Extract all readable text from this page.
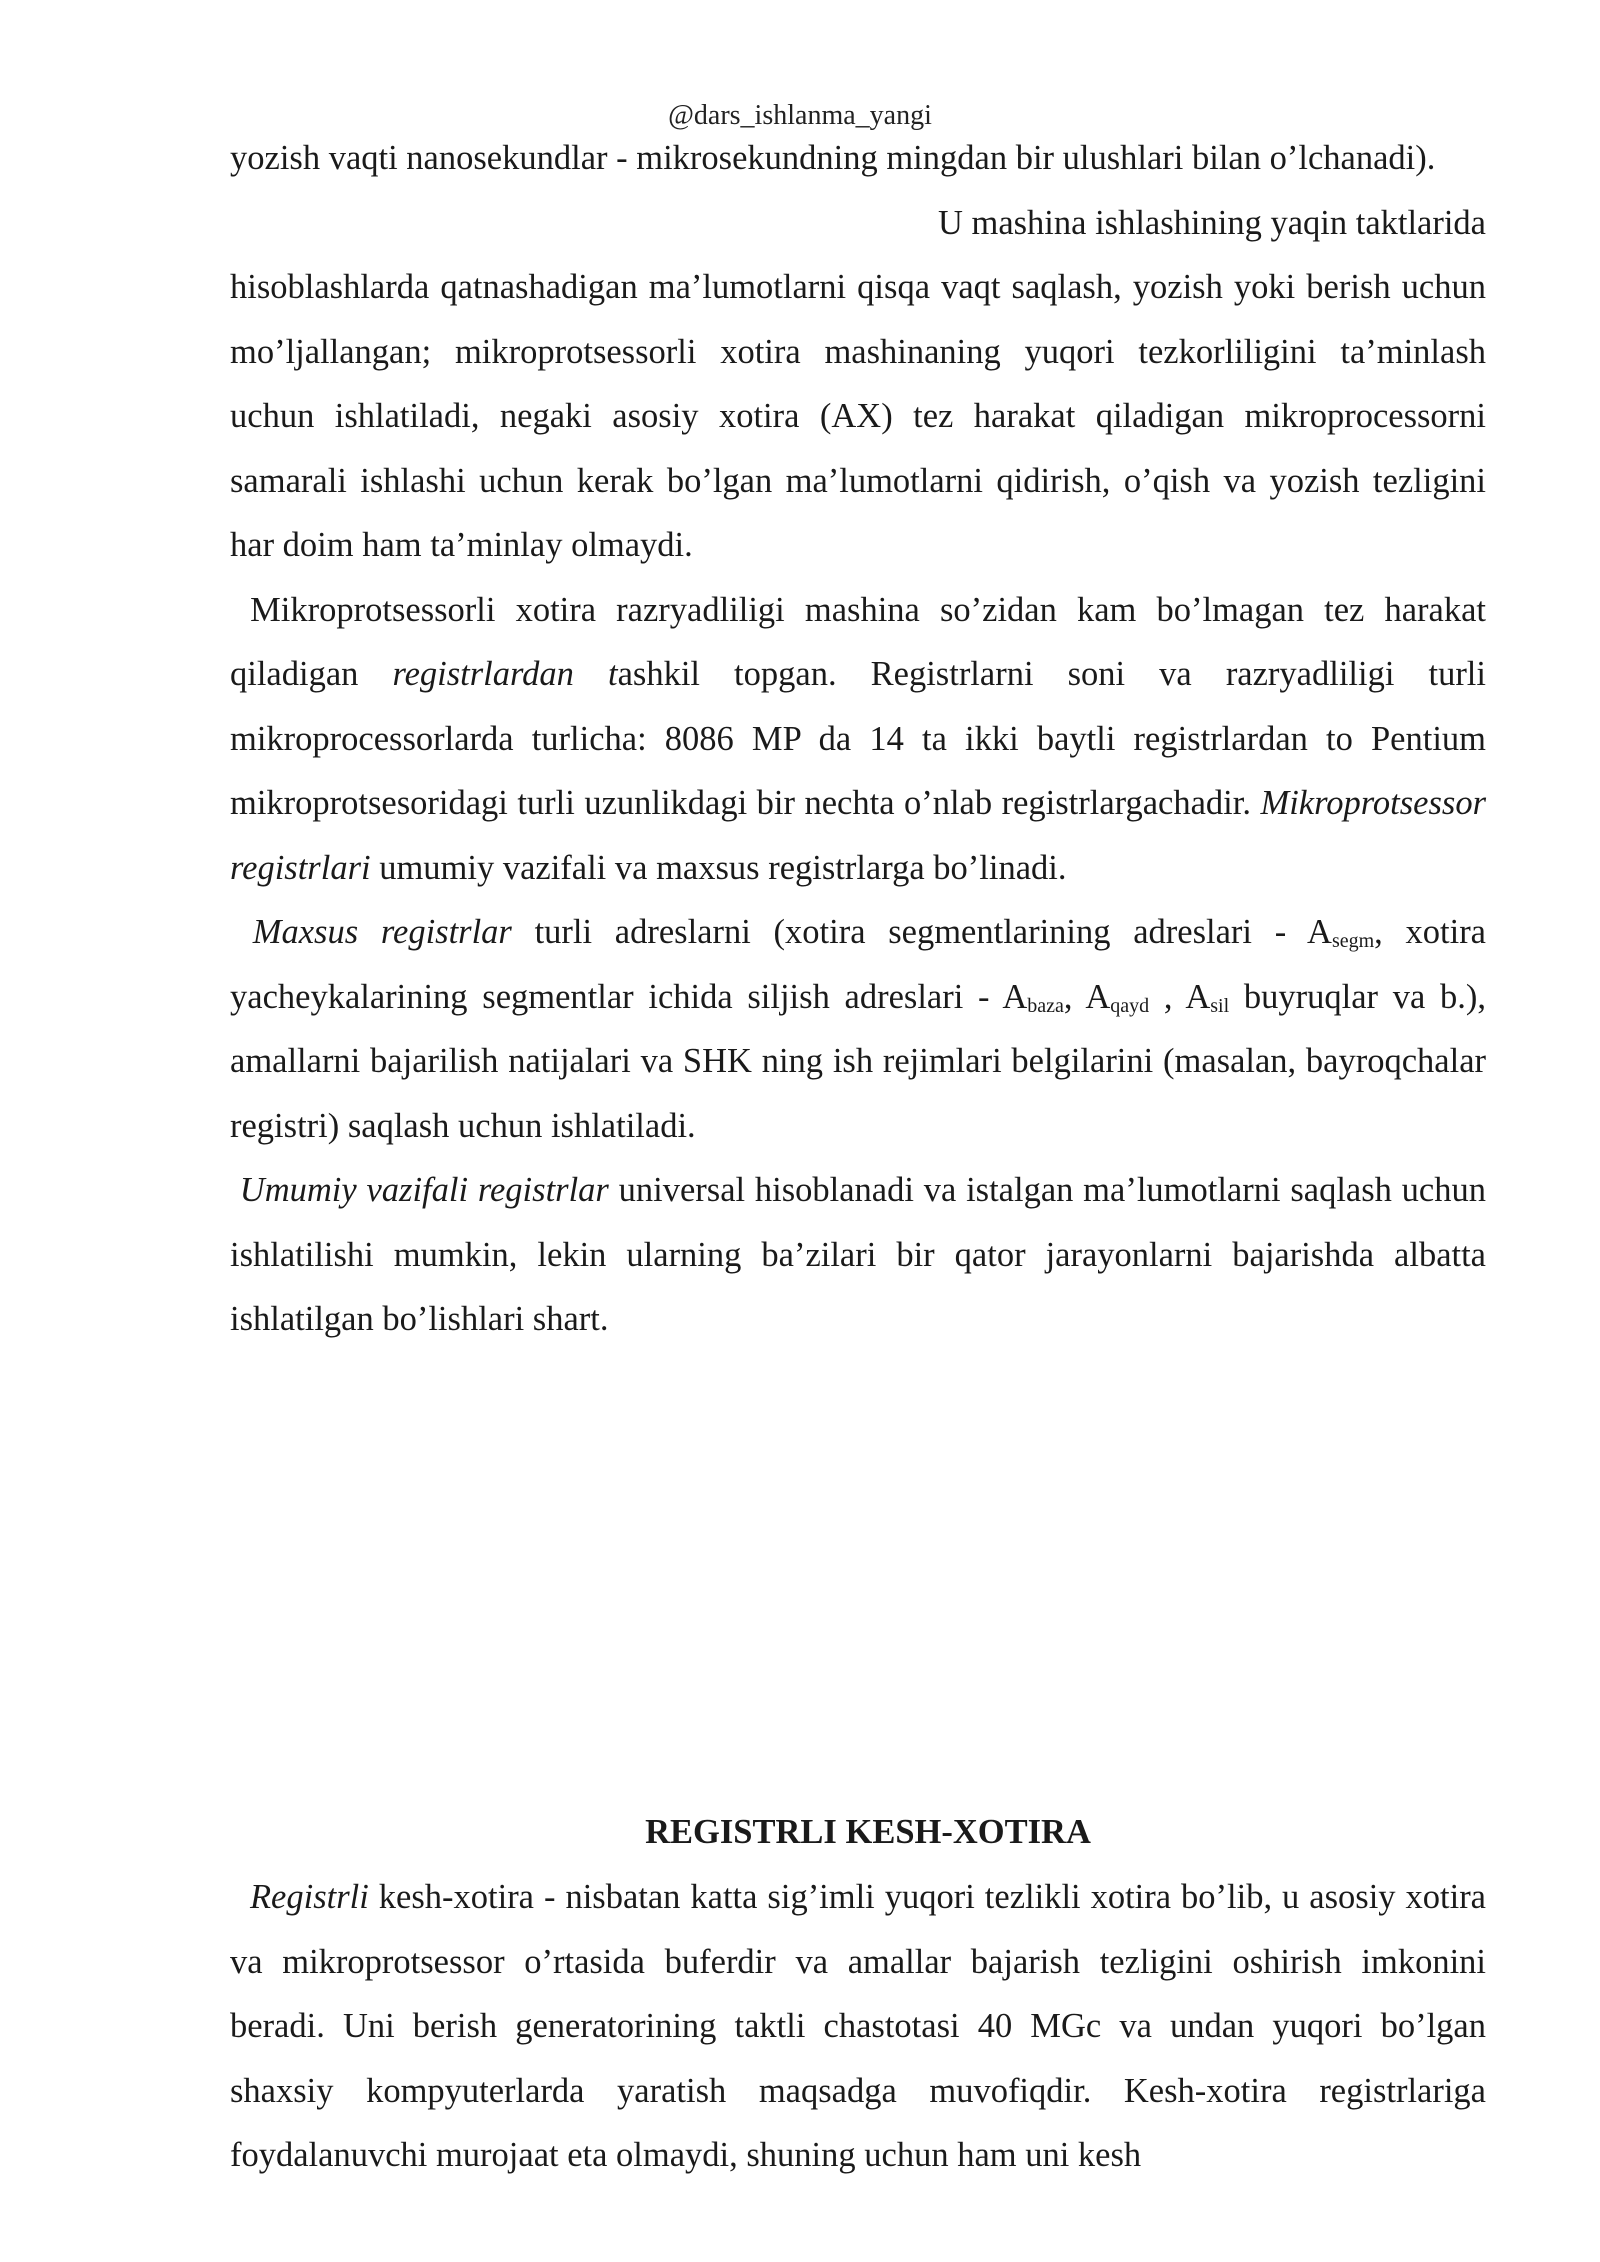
@dars_ishlanma_yangi

yozish vaqti nanosekundlar - mikrosekundning mingdan bir ulushlari bilan o’lchanadi).

U mashina ishlashining yaqin taktlarida

hisoblashlarda qatnashadigan ma’lumotlarni qisqa vaqt saqlash, yozish yoki berish uchun mo’ljallangan; mikroprotsessorli xotira mashinaning yuqori tezkorliligini ta’minlash uchun ishlatiladi, negaki asosiy xotira (AX) tez harakat qiladigan mikroprocessorni samarali ishlashi uchun kerak bo’lgan ma’lumotlarni qidirish, o’qish va yozish tezligini har doim ham ta’minlay olmaydi.

Mikroprotsessorli xotira razryadliligi mashina so’zidan kam bo’lmagan tez harakat qiladigan registrlardan tashkil topgan. Registrlarni soni va razryadliligi turli mikroprocessorlarda turlicha: 8086 MP da 14 ta ikki baytli registrlardan to Pentium mikroprotsesoridagi turli uzunlikdagi bir nechta o’nlab registrlargachadir. Mikroprotsessor registrlari umumiy vazifali va maxsus registrlarga bo’linadi.

Maxsus registrlar turli adreslarni (xotira segmentlarining adreslari - $A_{segm}$, xotira yacheykalarining segmentlar ichida siljish adreslari - $A_{baza}$, $A_{qayd}$ , $A_{sil}$ buyruqlar va b.), amallarni bajarilish natijalari va SHK ning ish rejimlari belgilarini (masalan, bayroqchalar registri) saqlash uchun ishlatiladi.

Umumiy vazifali registrlar universal hisoblanadi va istalgan ma’lumotlarni saqlash uchun ishlatilishi mumkin, lekin ularning ba’zilari bir qator jarayonlarni bajarishda albatta ishlatilgan bo’lishlari shart.

REGISTRLI KESH-XOTIRA

Registrli kesh-xotira - nisbatan katta sig’imli yuqori tezlikli xotira bo’lib, u asosiy xotira va mikroprotsessor o’rtasida buferdir va amallar bajarish tezligini oshirish imkonini beradi. Uni berish generatorining taktli chastotasi 40 MGc va undan yuqori bo’lgan shaxsiy kompyuterlarda yaratish maqsadga muvofiqdir. Kesh-xotira registrlariga foydalanuvchi murojaat eta olmaydi, shuning uchun ham uni kesh
